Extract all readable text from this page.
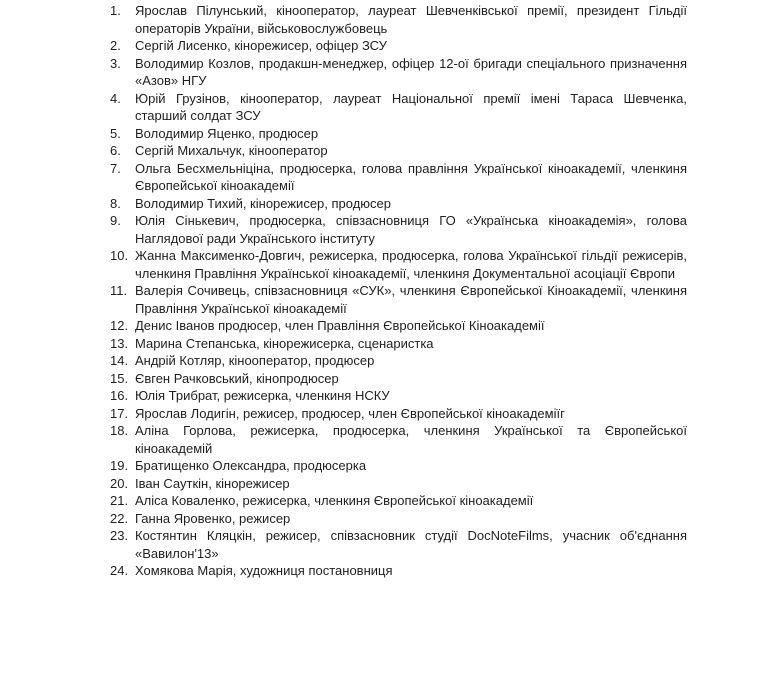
1. Ярослав Пілунський, кінооператор, лауреат Шевченківської премії, президент Гільдії операторів України, військовослужбовець
2. Сергій Лисенко, кінорежисер, офіцер ЗСУ
3. Володимир Козлов, продакшн-менеджер, офіцер 12-ої бригади спеціального призначення «Азов» НГУ
4. Юрій Грузінов, кінооператор, лауреат Національної премії імені Тараса Шевченка, старший солдат ЗСУ
5. Володимир Яценко, продюсер
6. Сергій Михальчук, кінооператор
7. Ольга Бесхмельніціна, продюсерка, голова правління Української кіноакадемії, членкиня Європейської кіноакадемії
8. Володимир Тихий, кінорежисер, продюсер
9. Юлія Сінькевич, продюсерка, співзасновниця ГО «Українська кіноакадемія», голова Наглядової ради Українського інституту
10. Жанна Максименко-Довгич, режисерка, продюсерка, голова Української гільдії режисерів, членкиня Правління Української кіноакадемії, членкиня Документальної асоціації Європи
11. Валерія Сочивець, співзасновниця «СУК», членкиня Європейської Кіноакадемії, членкиня Правління Української кіноакадемії
12. Денис Іванов продюсер, член Правління Європейської Кіноакадемії
13. Марина Степанська, кінорежисерка, сценаристка
14. Андрій Котляр, кінооператор, продюсер
15. Євген Рачковський, кінопродюсер
16. Юлія Трибрат, режисерка, членкиня НСКУ
17. Ярослав Лодигін, режисер, продюсер, член Європейської кіноакадеміїг
18. Аліна Горлова, режисерка, продюсерка, членкиня Української та Європейської кіноакадемій
19. Братищенко Олександра, продюсерка
20. Іван Сауткін, кінорежисер
21. Аліса Коваленко, режисерка, членкиня Європейської кіноакадемії
22. Ганна Яровенко, режисер
23. Костянтин Кляцкін, режисер, співзасновник студії DocNoteFilms, учасник об'єднання «Вавилон'13»
24. Хомякова Марія, художниця постановниця
